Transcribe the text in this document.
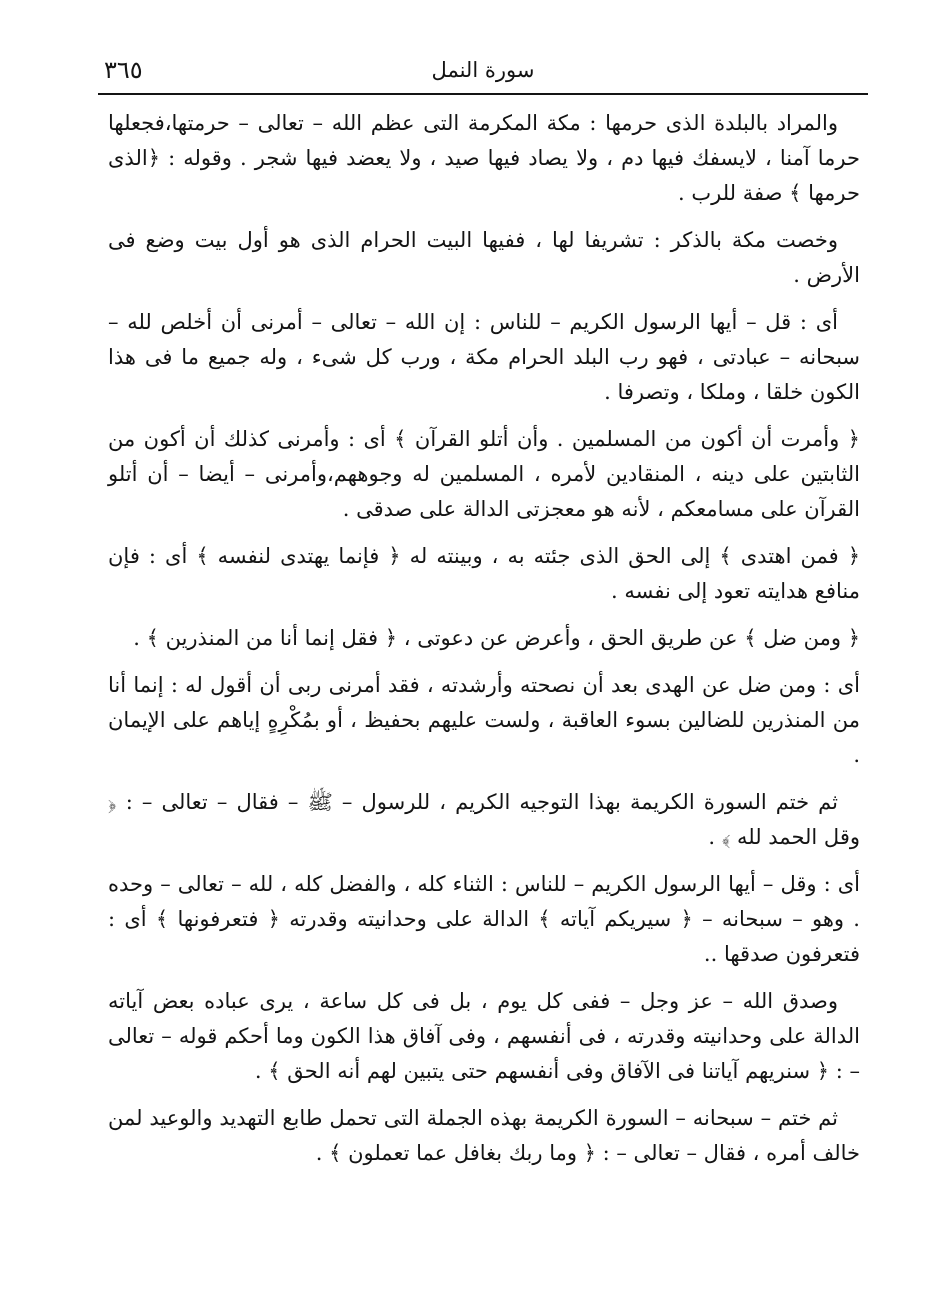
سورة النمل
٣٦٥

والمراد بالبلدة الذى حرمها : مكة المكرمة التى عظم الله – تعالى – حرمتها،فجعلها حرما آمنا ، لايسفك فيها دم ، ولا يصاد فيها صيد ، ولا يعضد فيها شجر . وقوله : ﴿الذى حرمها ﴾ صفة للرب .

وخصت مكة بالذكر : تشريفا لها ، ففيها البيت الحرام الذى هو أول بيت وضع فى الأرض .

أى : قل – أيها الرسول الكريم – للناس : إن الله – تعالى – أمرنى أن أخلص لله – سبحانه – عبادتى ، فهو رب البلد الحرام مكة ، ورب كل شىء ، وله جميع ما فى هذا الكون خلقا ، وملكا ، وتصرفا .

﴿ وأمرت أن أكون من المسلمين . وأن أتلو القرآن ﴾ أى : وأمرنى كذلك أن أكون من الثابتين على دينه ، المنقادين لأمره ، المسلمين له وجوههم،وأمرنى – أيضا – أن أتلو القرآن على مسامعكم ، لأنه هو معجزتى الدالة على صدقى .

﴿ فمن اهتدى ﴾ إلى الحق الذى جئته به ، وبينته له ﴿ فإنما يهتدى لنفسه ﴾ أى : فإن منافع هدايته تعود إلى نفسه .

﴿ ومن ضل ﴾ عن طريق الحق ، وأعرض عن دعوتى ، ﴿ فقل إنما أنا من المنذرين ﴾ .

أى : ومن ضل عن الهدى بعد أن نصحته وأرشدته ، فقد أمرنى ربى أن أقول له : إنما أنا من المنذرين للضالين بسوء العاقبة ، ولست عليهم بحفيظ ، أو بمُكْرِهٍ إياهم على الإيمان .

ثم ختم السورة الكريمة بهذا التوجيه الكريم ، للرسول – ﷺ – فقال – تعالى – : ﴿ وقل الحمد لله ﴾ .

أى : وقل – أيها الرسول الكريم – للناس : الثناء كله ، والفضل كله ، لله – تعالى – وحده . وهو – سبحانه – ﴿ سيريكم آياته ﴾ الدالة على وحدانيته وقدرته ﴿ فتعرفونها ﴾ أى : فتعرفون صدقها ..

وصدق الله – عز وجل – ففى كل يوم ، بل فى كل ساعة ، يرى عباده بعض آياته الدالة على وحدانيته وقدرته ، فى أنفسهم ، وفى آفاق هذا الكون وما أحكم قوله – تعالى – : ﴿ سنريهم آياتنا فى الآفاق وفى أنفسهم حتى يتبين لهم أنه الحق ﴾ .

ثم ختم – سبحانه – السورة الكريمة بهذه الجملة التى تحمل طابع التهديد والوعيد لمن خالف أمره ، فقال – تعالى – : ﴿ وما ربك بغافل عما تعملون ﴾ .
